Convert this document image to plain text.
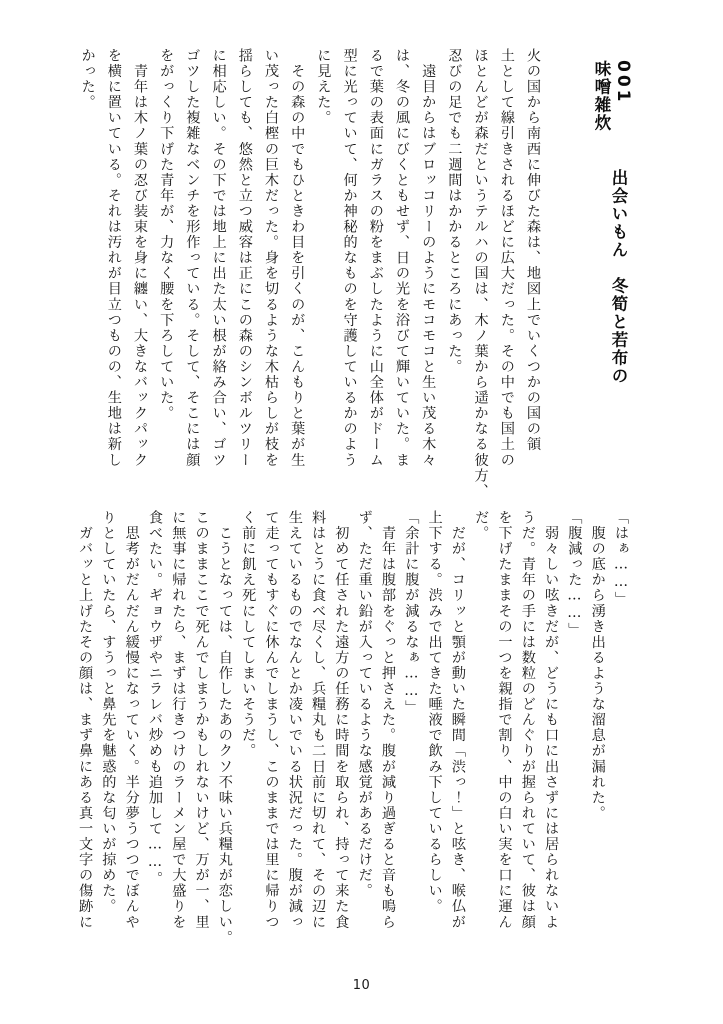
001  出会いもん　冬筍と若布の味噌雑炊
火の国から南西に伸びた森は、地図上でいくつかの国の領
土として線引きされるほどに広大だった。その中でも国土の
ほとんどが森だというテルハの国は、木ノ葉から遥かなる彼方、
忍びの足でも二週間はかかるところにあった。
　遠目からはブロッコリーのようにモコモコと生い茂る木々
は、冬の風にびくともせず、日の光を浴びて輝いていた。ま
るで葉の表面にガラスの粉をまぶしたように山全体がドーム
型に光っていて、何か神秘的なものを守護しているかのよう
に見えた。
　その森の中でもひときわ目を引くのが、こんもりと葉が生
い茂った白樫の巨木だった。身を切るような木枯らしが枝を
揺らしても、悠然と立つ威容は正にこの森のシンボルツリー
に相応しい。その下では地上に出た太い根が絡み合い、ゴツ
ゴツした複雑なベンチを形作っている。そして、そこには顔
をがっくり下げた青年が、力なく腰を下ろしていた。
　青年は木ノ葉の忍び装束を身に纏い、大きなバックパック
を横に置いている。それは汚れが目立つものの、生地は新し
かった。
「はぁ……」
　腹の底から湧き出るような溜息が漏れた。
「腹減った……」
　弱々しい呟きだが、どうにも口に出さずには居られないよ
うだ。青年の手には数粒のどんぐりが握られていて、彼は顔
を下げたままその一つを親指で割り、中の白い実を口に運ん
だ。
　だが、コリッと顎が動いた瞬間「渋っ！」と呟き、喉仏が
上下する。渋みで出てきた唾液で飲み下しているらしい。
「余計に腹が減るなぁ……」
　青年は腹部をぐっと押さえた。腹が減り過ぎると音も鳴ら
ず、ただ重い鉛が入っているような感覚があるだけだ。
　初めて任された遠方の任務に時間を取られ、持って来た食
料はとうに食べ尽くし、兵糧丸も二日前に切れて、その辺に
生えているものでなんとか凌いでいる状況だった。腹が減っ
て走ってもすぐに休んでしまうし、このままでは里に帰りつ
く前に飢え死にしてしまいそうだ。
　こうとなっては、自作したあのクソ不味い兵糧丸が恋しい。
このままここで死んでしまうかもしれないけど、万が一、里
に無事に帰れたら、まずは行きつけのラーメン屋で大盛りを
食べたい。ギョウザやニラレバ炒めも追加して……。
　思考がだんだん緩慢になっていく。半分夢うつつでぼんや
りとしていたら、すうっと鼻先を魅惑的な匂いが掠めた。
　ガバッと上げたその顔は、まず鼻にある真一文字の傷跡に
10
